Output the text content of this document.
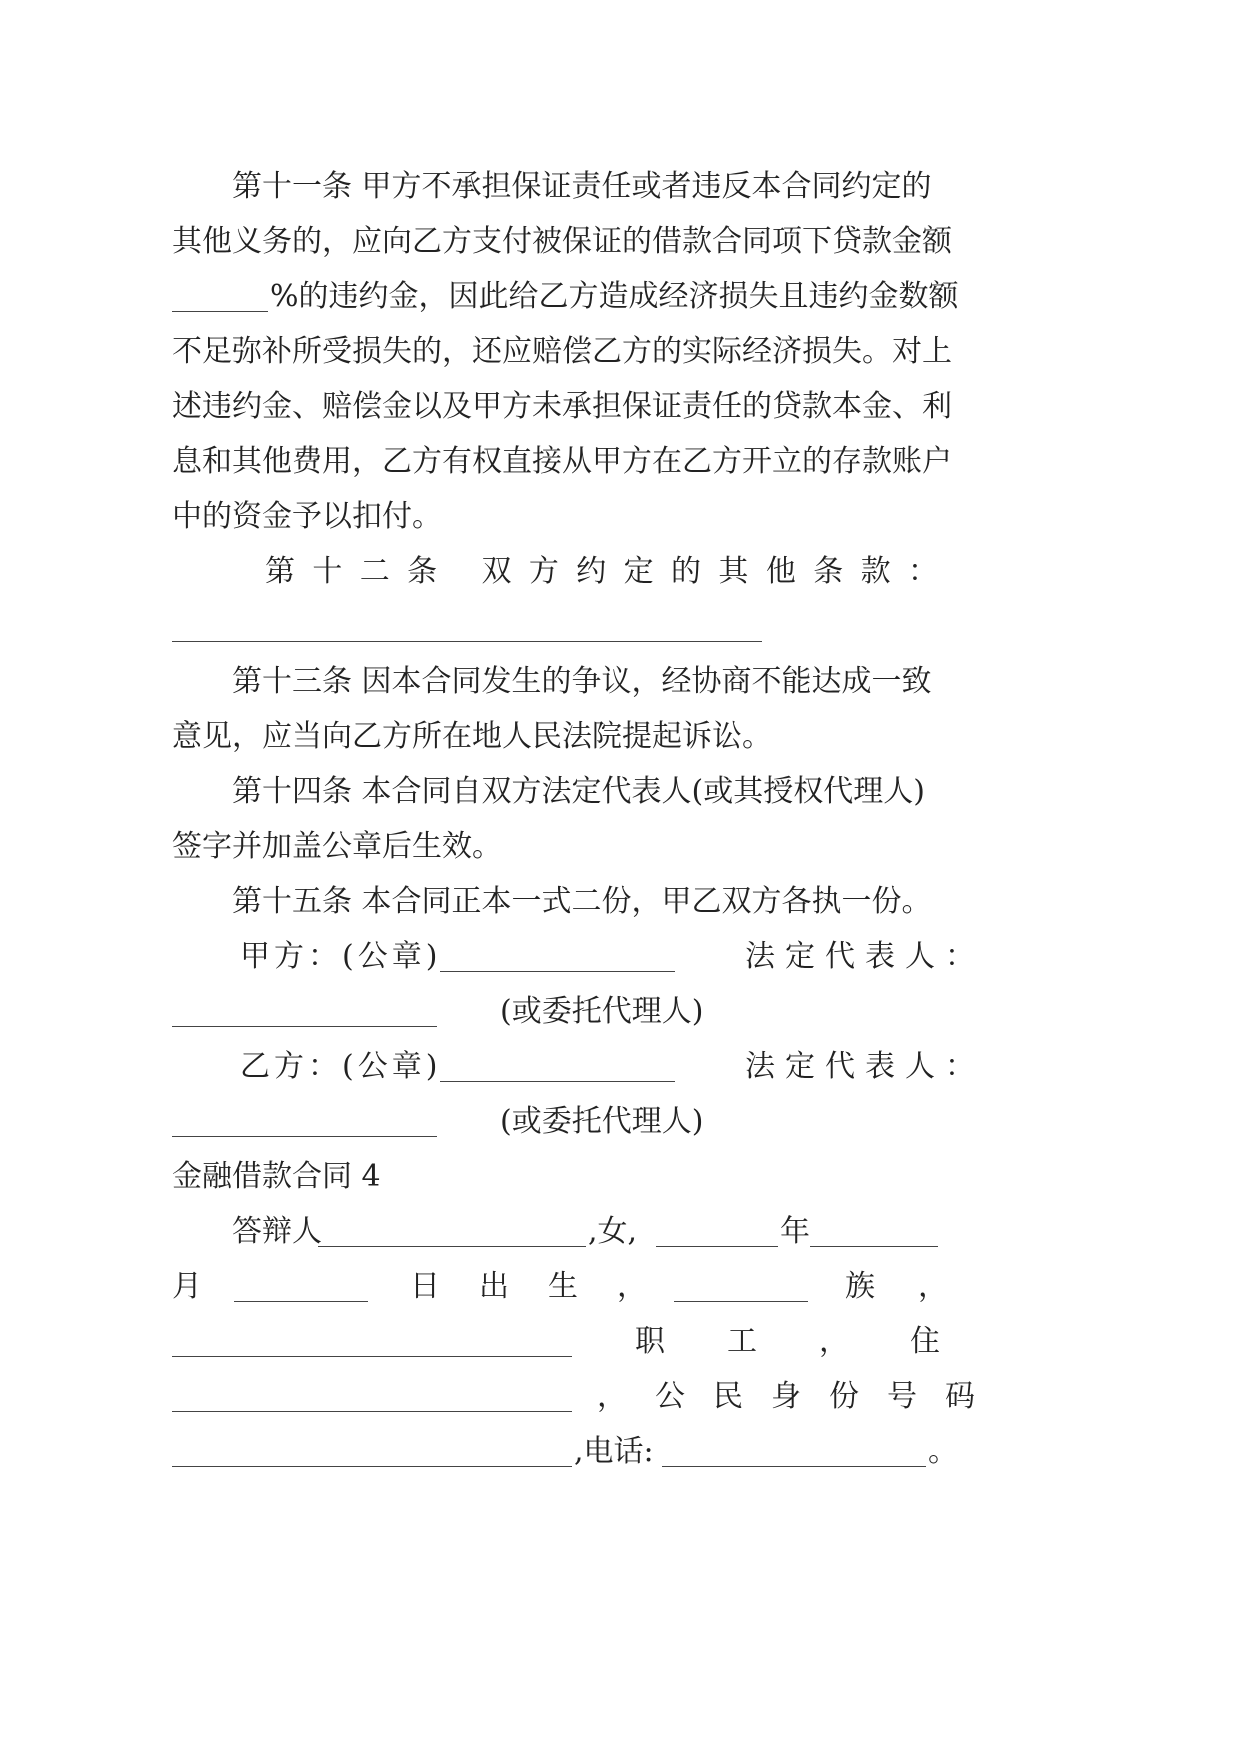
第十一条 甲方不承担保证责任或者违反本合同约定的
其他义务的，应向乙方支付被保证的借款合同项下贷款金额
%的违约金，因此给乙方造成经济损失且违约金数额
不足弥补所受损失的，还应赔偿乙方的实际经济损失。对上
述违约金、赔偿金以及甲方未承担保证责任的贷款本金、利
息和其他费用，乙方有权直接从甲方在乙方开立的存款账户
中的资金予以扣付。
第十二条 双方约定的其他条款：
第十三条 因本合同发生的争议，经协商不能达成一致
意见，应当向乙方所在地人民法院提起诉讼。
第十四条 本合同自双方法定代表人(或其授权代理人)
签字并加盖公章后生效。
第十五条 本合同正本一式二份，甲乙双方各执一份。
甲方：(公章)	法定代表人：
(或委托代理人)
乙方：(公章)	法定代表人：
(或委托代理人)
金融借款合同 4
答辩人	,女,	年
月	日出生，	族，
职工， 住
，公民身份号码
,电话:	。
